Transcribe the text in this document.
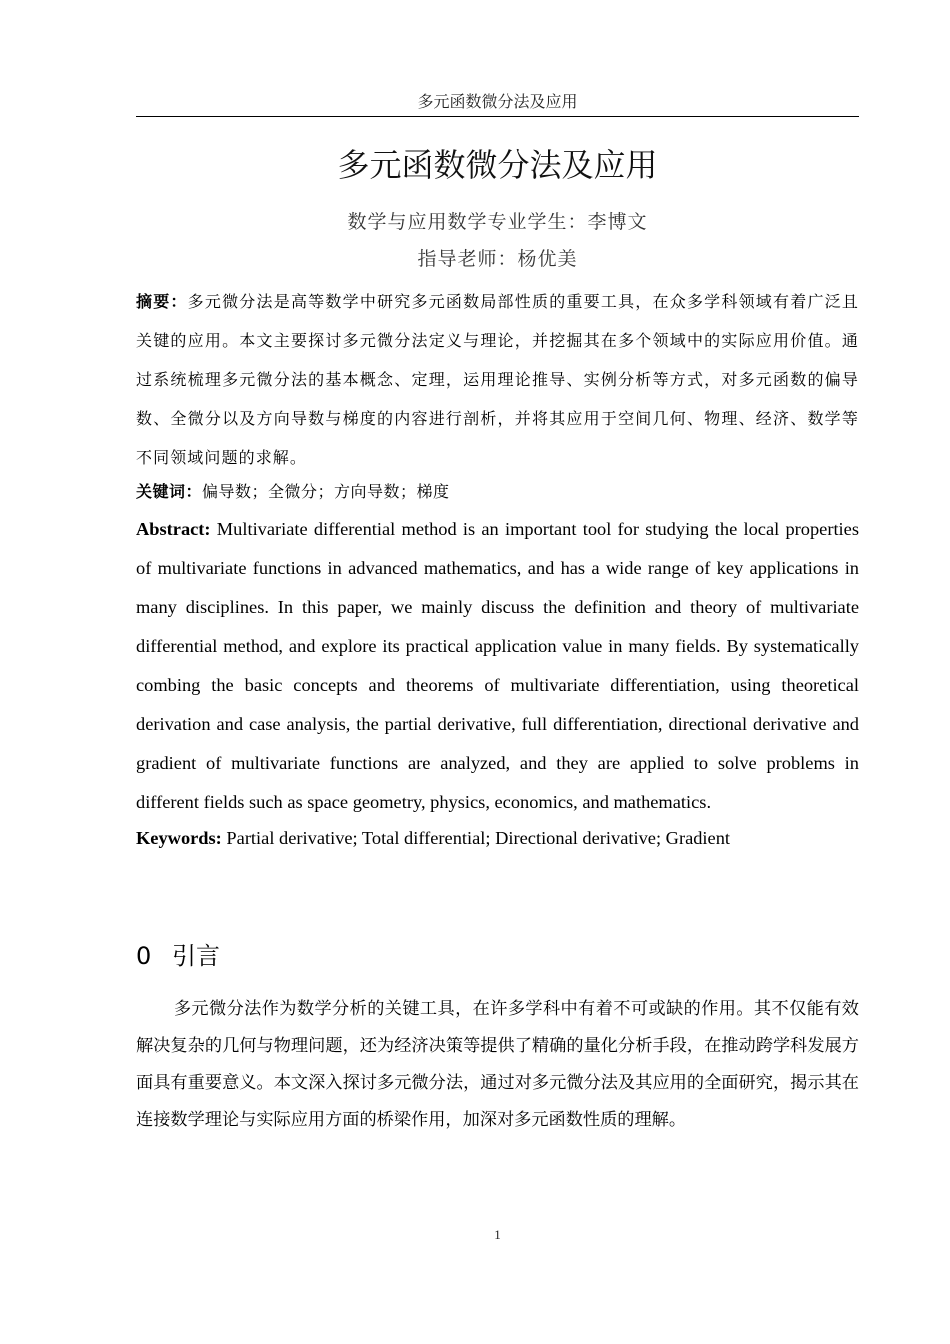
多元函数微分法及应用
多元函数微分法及应用
数学与应用数学专业学生：李博文
指导老师：杨优美
摘要：多元微分法是高等数学中研究多元函数局部性质的重要工具，在众多学科领域有着广泛且关键的应用。本文主要探讨多元微分法定义与理论，并挖掘其在多个领域中的实际应用价值。通过系统梳理多元微分法的基本概念、定理，运用理论推导、实例分析等方式，对多元函数的偏导数、全微分以及方向导数与梯度的内容进行剖析，并将其应用于空间几何、物理、经济、数学等不同领域问题的求解。
关键词：偏导数；全微分；方向导数；梯度
Abstract: Multivariate differential method is an important tool for studying the local properties of multivariate functions in advanced mathematics, and has a wide range of key applications in many disciplines. In this paper, we mainly discuss the definition and theory of multivariate differential method, and explore its practical application value in many fields. By systematically combing the basic concepts and theorems of multivariate differentiation, using theoretical derivation and case analysis, the partial derivative, full differentiation, directional derivative and gradient of multivariate functions are analyzed, and they are applied to solve problems in different fields such as space geometry, physics, economics, and mathematics.
Keywords: Partial derivative; Total differential; Directional derivative; Gradient
0 引言
多元微分法作为数学分析的关键工具，在许多学科中有着不可或缺的作用。其不仅能有效解决复杂的几何与物理问题，还为经济决策等提供了精确的量化分析手段，在推动跨学科发展方面具有重要意义。本文深入探讨多元微分法，通过对多元微分法及其应用的全面研究，揭示其在连接数学理论与实际应用方面的桥梁作用，加深对多元函数性质的理解。
1
